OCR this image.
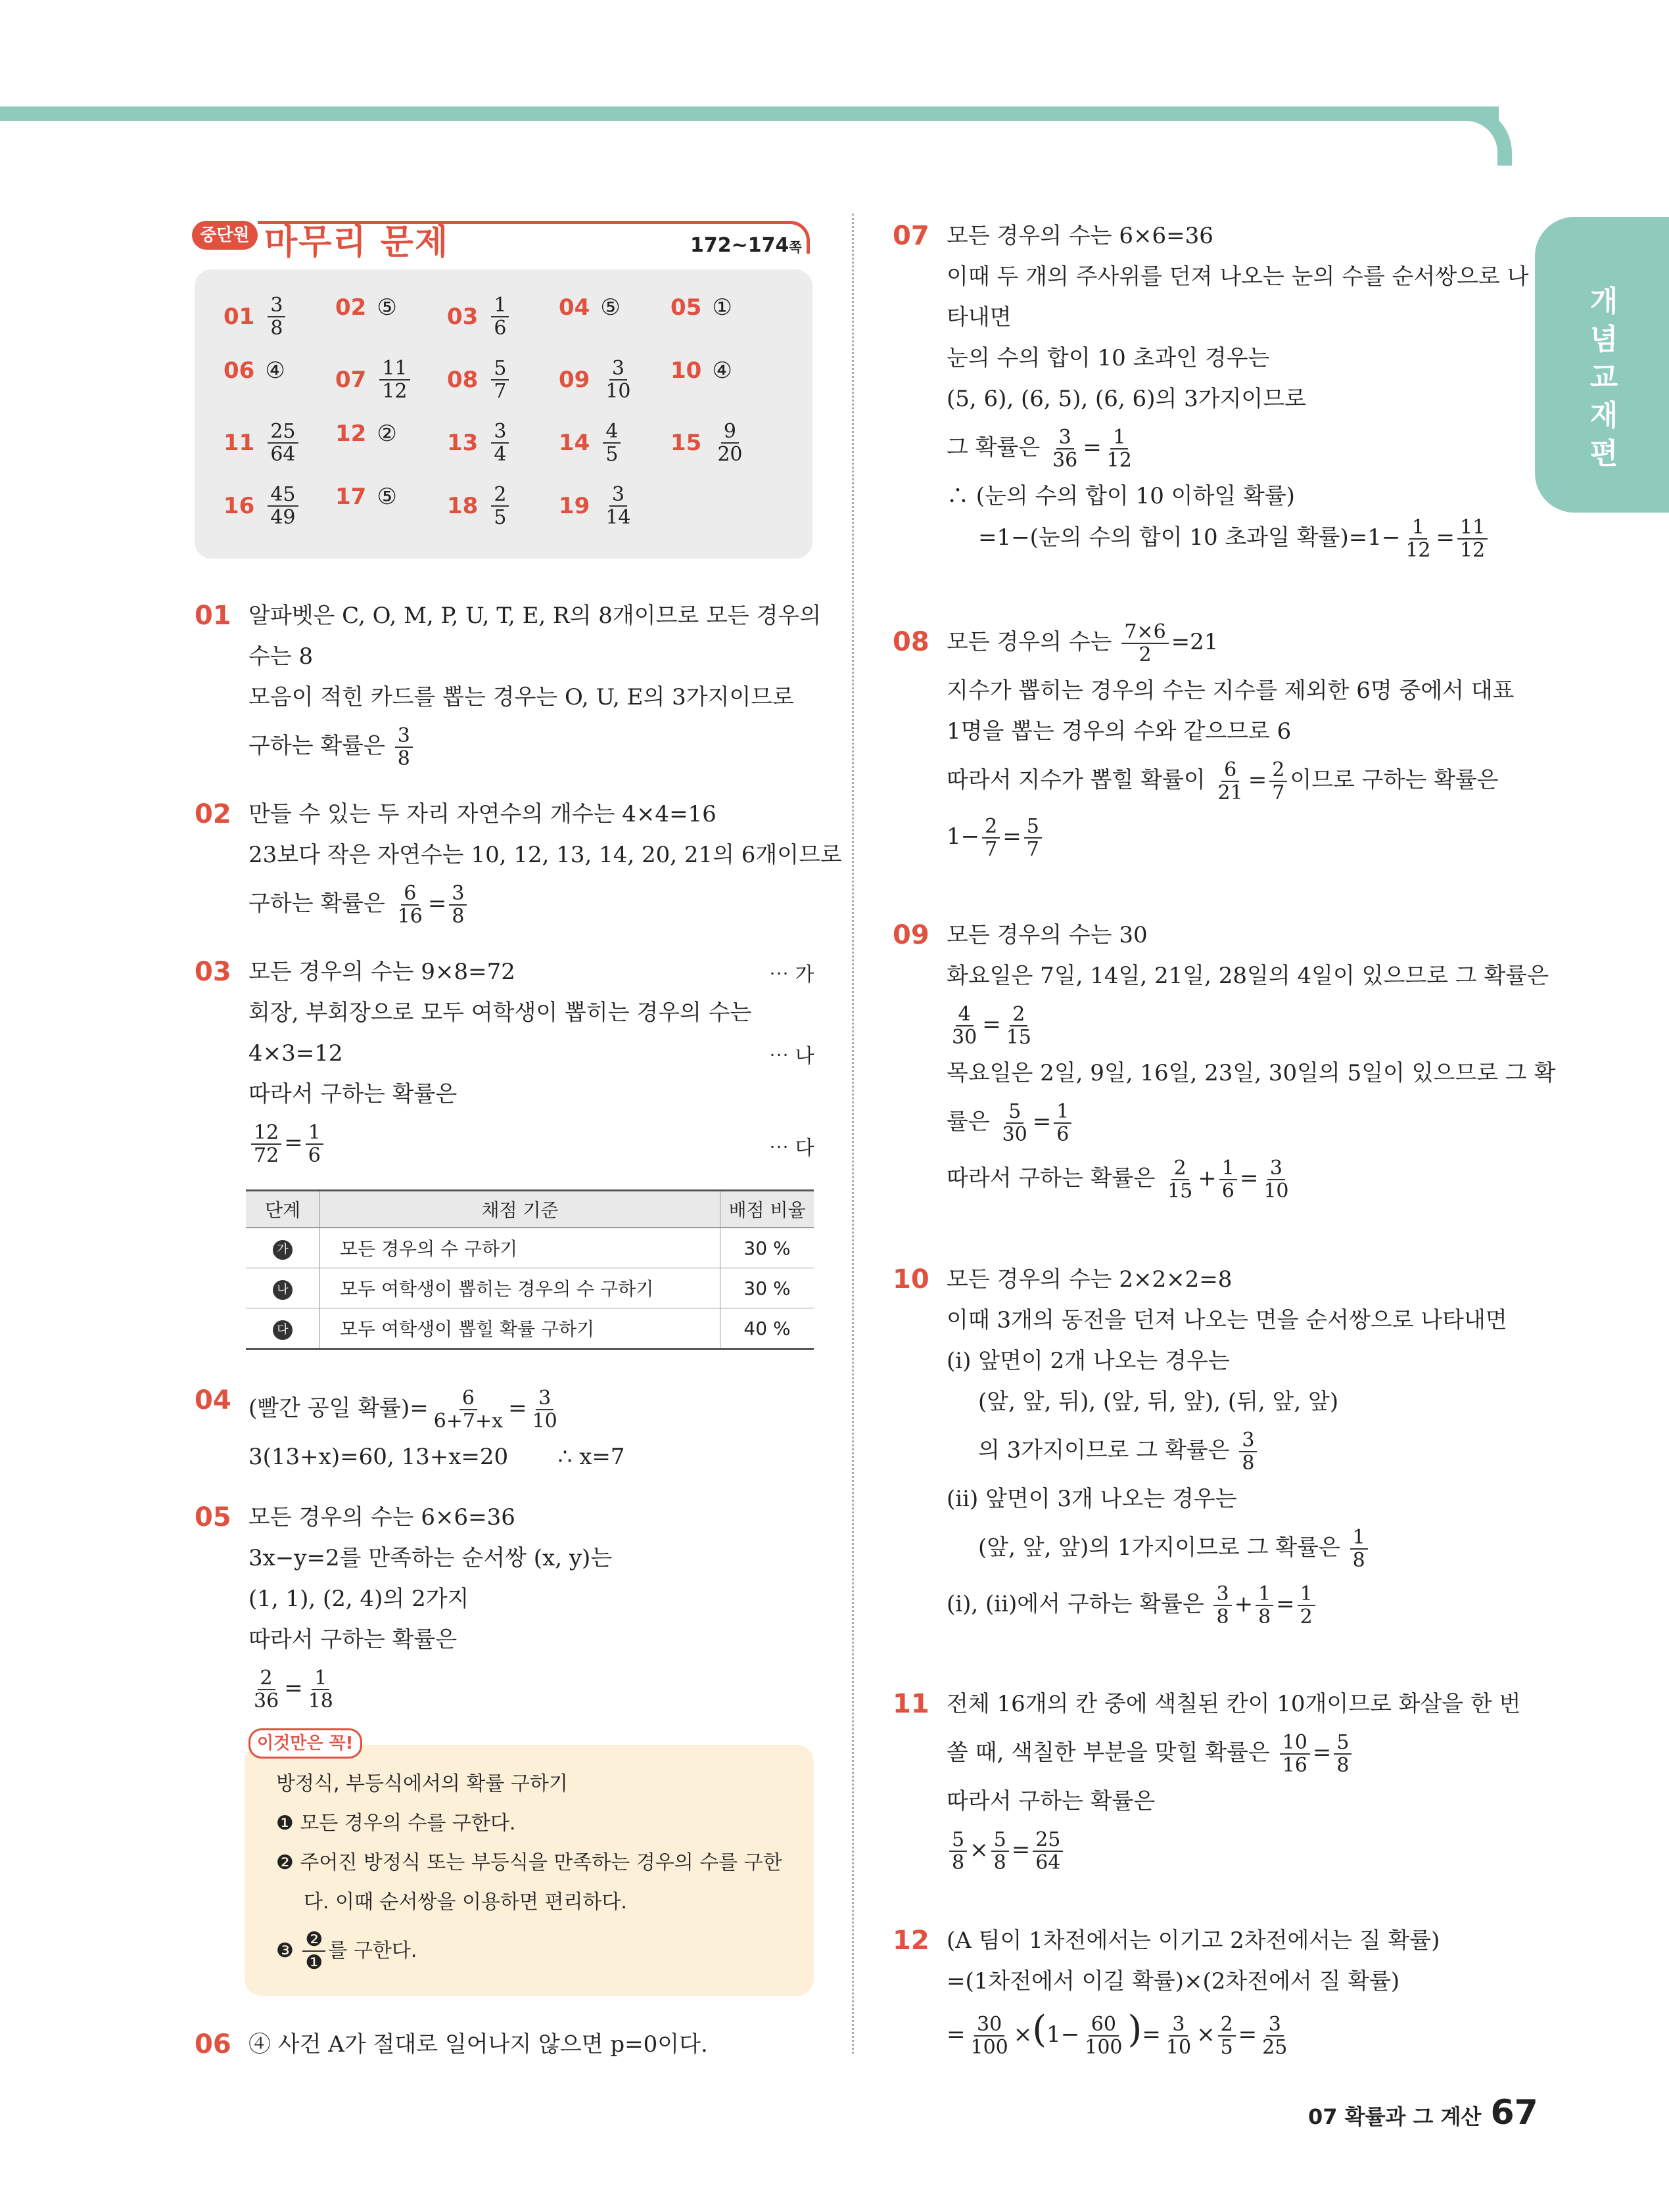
개념교재편
중단원 마무리 문제	172~174쪽
$01 \frac{3}{8} 02$ ⑤ $03 \frac{1}{6} 04$ ⑤ 05 ①
06 ④ $07 \frac{11}{12} 08 \frac{5}{7} 09 \frac{3}{10} 10$ ④
$11 \frac{25}{64} 12$ ② $13 \frac{3}{4} 14 \frac{4}{5} 15 \frac{9}{20}$
$16 \frac{45}{49} 17$ ⑤ $18 \frac{2}{5} 19 \frac{3}{14}$
01 알파벳은 C, O, M, P, U, T, E, R의 8개이므로 모든 경우의
수는 8
모음이 적힌 카드를 뽑는 경우는 O, U, E의 3가지이므로
구하는 확률은 $\frac{3}{8}$
02 만들 수 있는 두 자리 자연수의 개수는 4×4=16
23보다 작은 자연수는 10, 12, 13, 14, 20, 21의 6개이므로
구하는 확률은 $\frac{6}{16} = \frac{3}{8}$
03 모든 경우의 수는 9×8=72
회장, 부회장으로 모두 여학생이 뽑히는 경우의 수는
4×3=12
따라서 구하는 확률은
$\frac{12}{72} = \frac{1}{6}$
⋯ 가
⋯ 나
⋯ 다
단계	채점 기준	배점 비율
가	모든 경우의 수 구하기	30 %
나	모두 여학생이 뽑히는 경우의 수 구하기	30 %
다	모두 여학생이 뽑힐 확률 구하기	40 %
04 (빨간 공일 확률)= $\frac{6}{6+7+x} = \frac{3}{10}$
3(13+x)=60, 13+x=20 ∴ x=7
05 모든 경우의 수는 6×6=36
3x−y=2를 만족하는 순서쌍 (x, y)는
(1, 1), (2, 4)의 2가지
따라서 구하는 확률은
$\frac{2}{36} = \frac{1}{18}$
이것만은 꼭!
방정식, 부등식에서의 확률 구하기
❶ 모든 경우의 수를 구한다.
❷ 주어진 방정식 또는 부등식을 만족하는 경우의 수를 구한
다. 이때 순서쌍을 이용하면 편리하다.
❸
$\frac{\text{❷}}{\text{❶}}$ 를 구한다.
06 ④ 사건 A가 절대로 일어나지 않으면 p=0이다.
07 모든 경우의 수는 6×6=36
이때 두 개의 주사위를 던져 나오는 눈의 수를 순서쌍으로 나
타내면
눈의 수의 합이 10 초과인 경우는
(5, 6), (6, 5), (6, 6)의 3가지이므로
그 확률은 $\frac{3}{36} = \frac{1}{12}$
∴ (눈의 수의 합이 10 이하일 확률)
=1−(눈의 수의 합이 10 초과일 확률)$=1- \frac{1}{12} = \frac{11}{12}$
08 모든 경우의 수는 $\frac{7\times 6}{2} =21$
지수가 뽑히는 경우의 수는 지수를 제외한 6명 중에서 대표
1명을 뽑는 경우의 수와 같으므로 6
따라서 지수가 뽑힐 확률이 $\frac{6}{21} = \frac{2}{7}$ 이므로 구하는 확률은
$1- \frac{2}{7} = \frac{5}{7}$
09 모든 경우의 수는 30
화요일은 7일, 14일, 21일, 28일의 4일이 있으므로 그 확률은
$\frac{4}{30} = \frac{2}{15}$
목요일은 2일, 9일, 16일, 23일, 30일의 5일이 있으므로 그 확
률은 $\frac{5}{30} = \frac{1}{6}$
따라서 구하는 확률은 $\frac{2}{15} + \frac{1}{6} = \frac{3}{10}$
10 모든 경우의 수는 2×2×2=8
이때 3개의 동전을 던져 나오는 면을 순서쌍으로 나타내면
(ⅰ) 앞면이 2개 나오는 경우는
(앞, 앞, 뒤), (앞, 뒤, 앞), (뒤, 앞, 앞)
의 3가지이므로 그 확률은 $\frac{3}{8}$
(ⅱ) 앞면이 3개 나오는 경우는
(앞, 앞, 앞)의 1가지이므로 그 확률은 $\frac{1}{8}$
(ⅰ), (ⅱ)에서 구하는 확률은 $\frac{3}{8} + \frac{1}{8} = \frac{1}{2}$
11 전체 16개의 칸 중에 색칠된 칸이 10개이므로 화살을 한 번
쏠 때, 색칠한 부분을 맞힐 확률은 $\frac{10}{16} = \frac{5}{8}$
따라서 구하는 확률은
$\frac{5}{8} \times \frac{5}{8} = \frac{25}{64}$
12 (A 팀이 1차전에서는 이기고 2차전에서는 질 확률)
=(1차전에서 이길 확률)×(2차전에서 질 확률)
= $\frac{30}{100} \times(1- \frac{60}{100}$ )= $\frac{3}{10} \times \frac{2}{5} = \frac{3}{25}$
07 확률과 그 계산 67
